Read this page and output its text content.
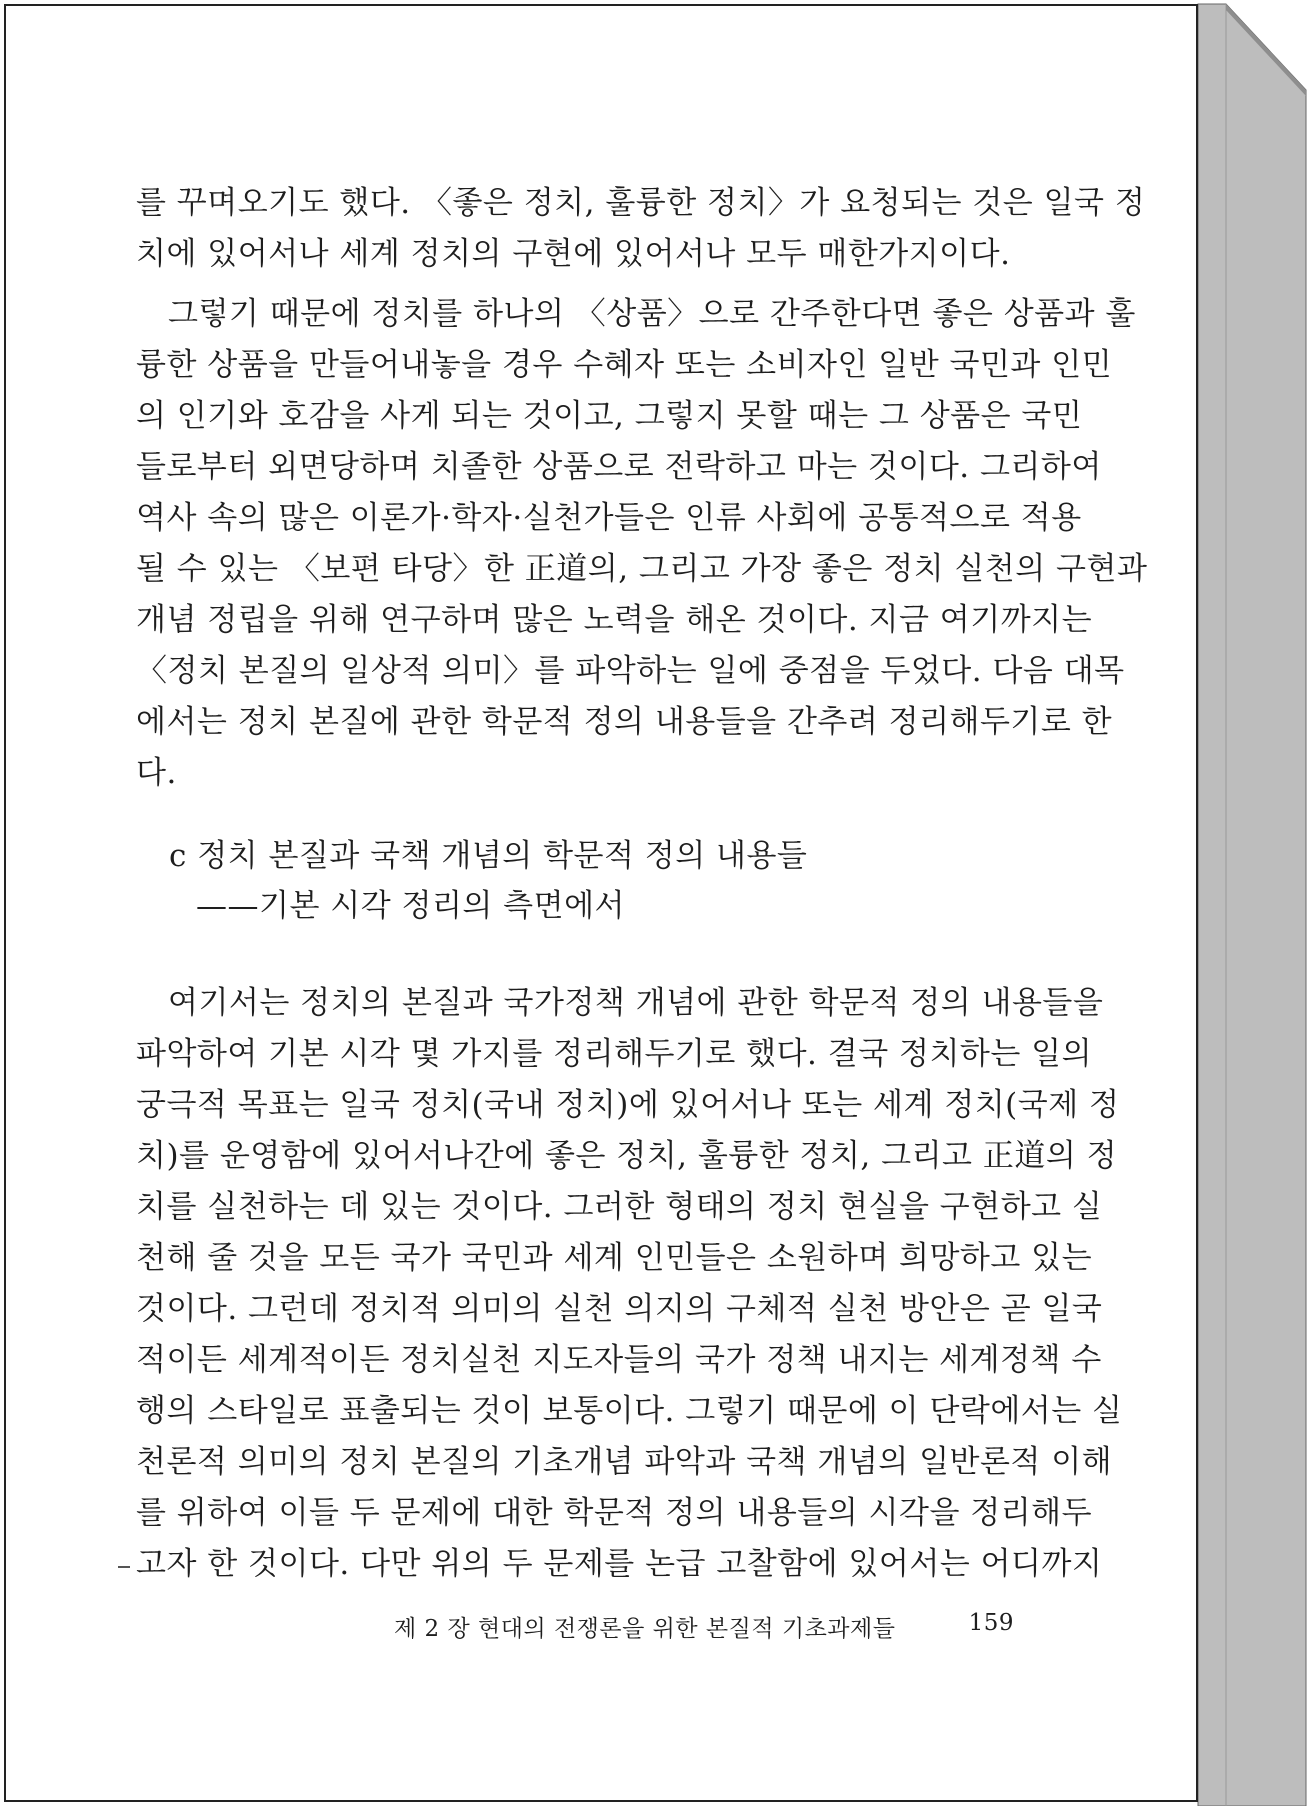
를 꾸며오기도 했다. 〈좋은 정치, 훌륭한 정치〉가 요청되는 것은 일국 정
치에 있어서나 세계 정치의 구현에 있어서나 모두 매한가지이다.
그렇기 때문에 정치를 하나의 〈상품〉으로 간주한다면 좋은 상품과 훌
륭한 상품을 만들어내놓을 경우 수혜자 또는 소비자인 일반 국민과 인민
의 인기와 호감을 사게 되는 것이고, 그렇지 못할 때는 그 상품은 국민
들로부터 외면당하며 치졸한 상품으로 전락하고 마는 것이다. 그리하여
역사 속의 많은 이론가·학자·실천가들은 인류 사회에 공통적으로 적용
될 수 있는 〈보편 타당〉한 正道의, 그리고 가장 좋은 정치 실천의 구현과
개념 정립을 위해 연구하며 많은 노력을 해온 것이다. 지금 여기까지는
〈정치 본질의 일상적 의미〉를 파악하는 일에 중점을 두었다. 다음 대목
에서는 정치 본질에 관한 학문적 정의 내용들을 간추려 정리해두기로 한
다.
c 정치 본질과 국책 개념의 학문적 정의 내용들
——기본 시각 정리의 측면에서
여기서는 정치의 본질과 국가정책 개념에 관한 학문적 정의 내용들을
파악하여 기본 시각 몇 가지를 정리해두기로 했다. 결국 정치하는 일의
궁극적 목표는 일국 정치(국내 정치)에 있어서나 또는 세계 정치(국제 정
치)를 운영함에 있어서나간에 좋은 정치, 훌륭한 정치, 그리고 正道의 정
치를 실천하는 데 있는 것이다. 그러한 형태의 정치 현실을 구현하고 실
천해 줄 것을 모든 국가 국민과 세계 인민들은 소원하며 희망하고 있는
것이다. 그런데 정치적 의미의 실천 의지의 구체적 실천 방안은 곧 일국
적이든 세계적이든 정치실천 지도자들의 국가 정책 내지는 세계정책 수
행의 스타일로 표출되는 것이 보통이다. 그렇기 때문에 이 단락에서는 실
천론적 의미의 정치 본질의 기초개념 파악과 국책 개념의 일반론적 이해
를 위하여 이들 두 문제에 대한 학문적 정의 내용들의 시각을 정리해두
고자 한 것이다. 다만 위의 두 문제를 논급 고찰함에 있어서는 어디까지
제 2 장 현대의 전쟁론을 위한 본질적 기초과제들	159
